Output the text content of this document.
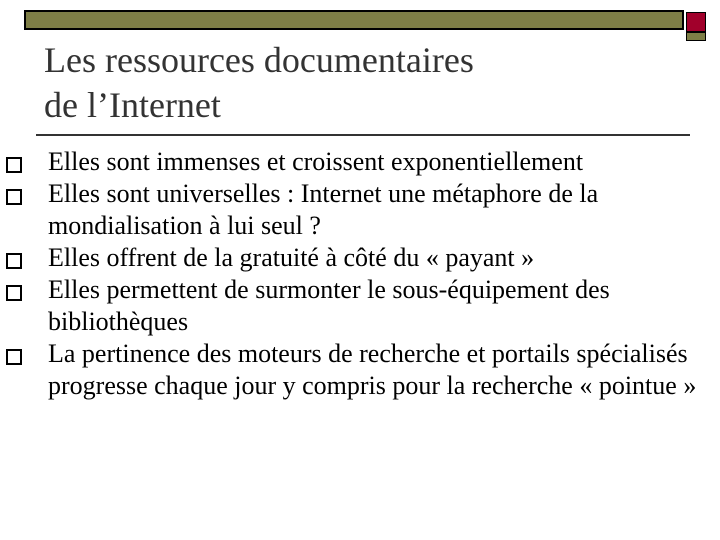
Les ressources documentaires
de l’Internet
Elles sont immenses et croissent exponentiellement
Elles sont universelles : Internet une métaphore de la mondialisation à lui seul ?
Elles offrent de la gratuité à côté du « payant »
Elles permettent de surmonter le sous-équipement des bibliothèques
La pertinence des moteurs de recherche et portails spécialisés progresse chaque jour y compris pour la recherche « pointue »
